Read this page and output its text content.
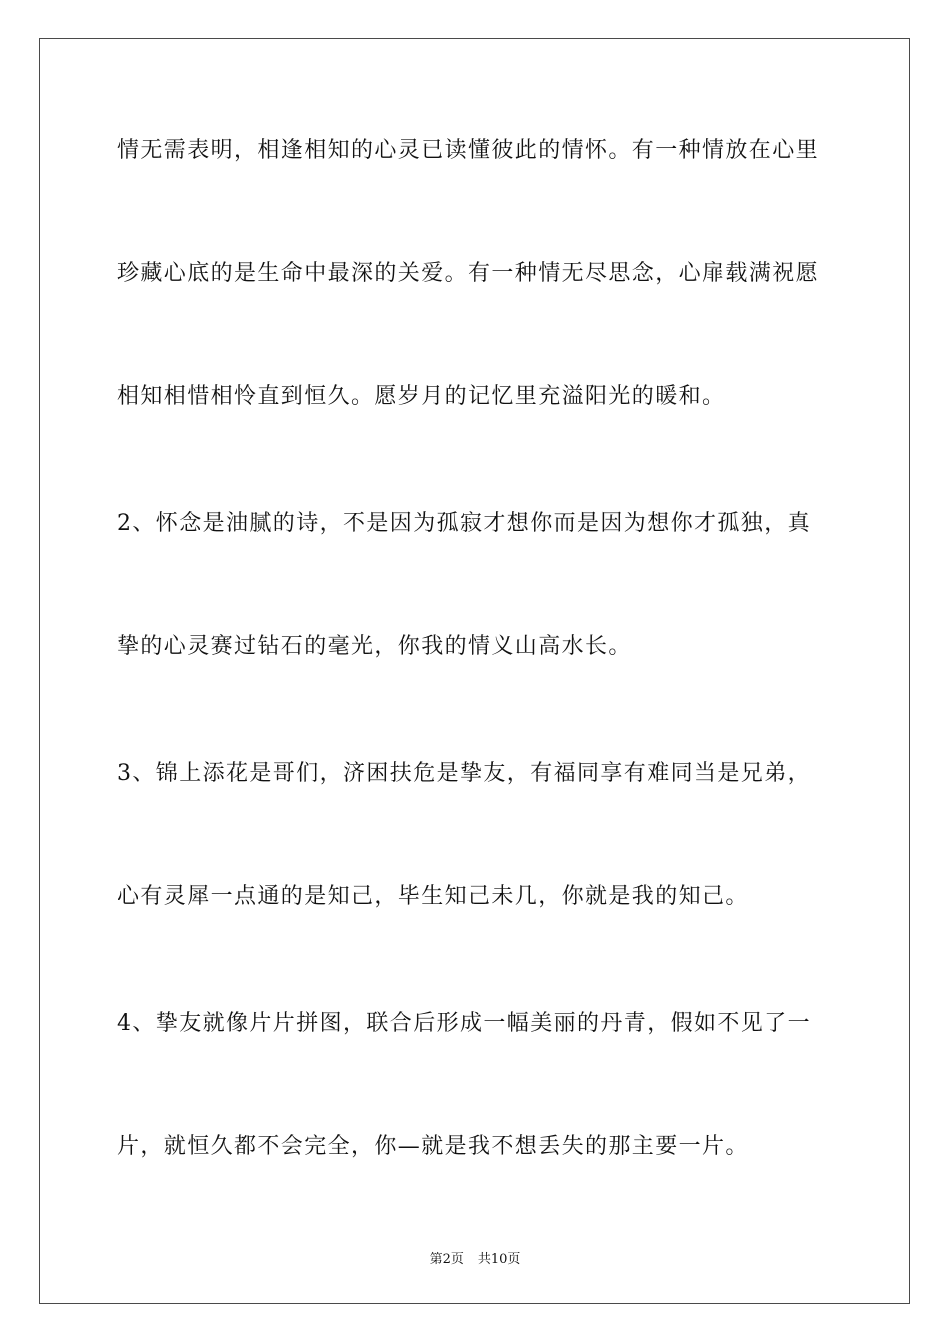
情无需表明，相逢相知的心灵已读懂彼此的情怀。有一种情放在心里
珍藏心底的是生命中最深的关爱。有一种情无尽思念，心扉载满祝愿
相知相惜相怜直到恒久。愿岁月的记忆里充溢阳光的暖和。
2、怀念是油腻的诗，不是因为孤寂才想你而是因为想你才孤独，真
挚的心灵赛过钻石的毫光，你我的情义山高水长。
3、锦上添花是哥们，济困扶危是挚友，有福同享有难同当是兄弟，
心有灵犀一点通的是知己，毕生知己未几，你就是我的知己。
4、挚友就像片片拼图，联合后形成一幅美丽的丹青，假如不见了一
片，就恒久都不会完全，你—就是我不想丢失的那主要一片。
第2页 共10页
